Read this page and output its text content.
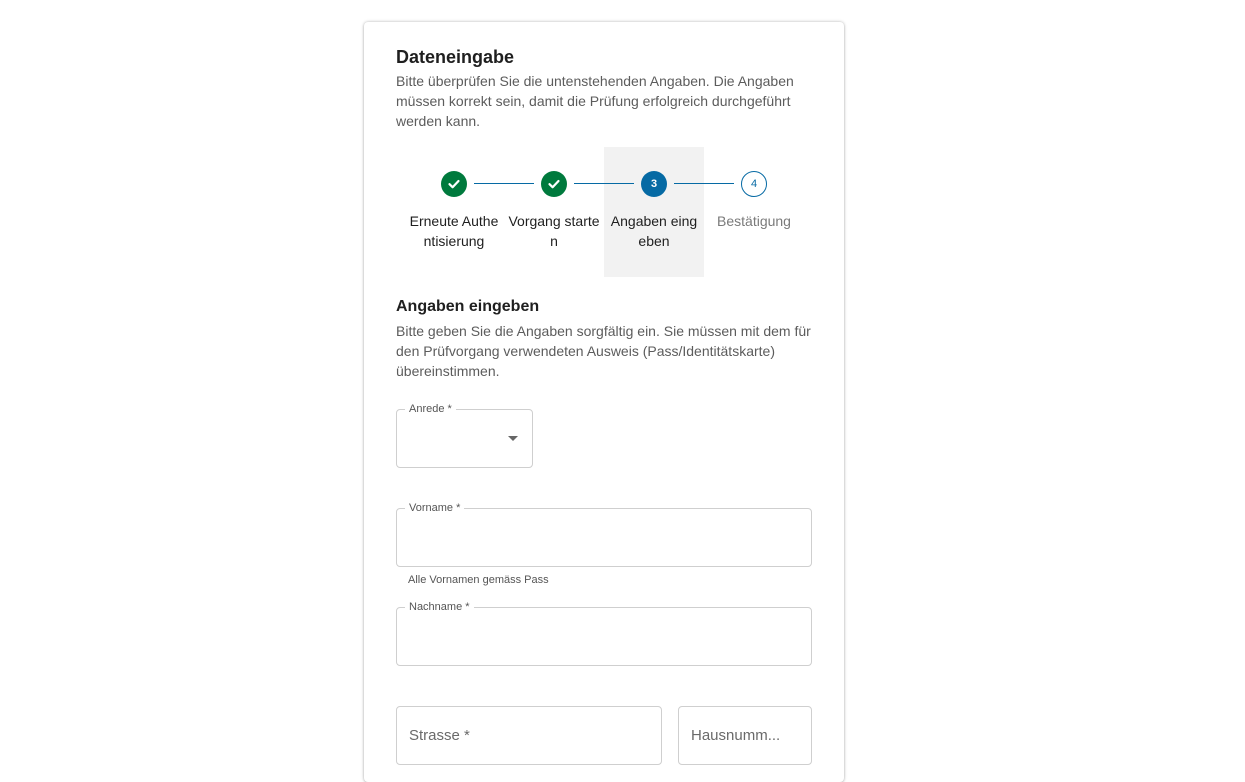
Dateneingabe

Bitte überprüfen Sie die untenstehenden Angaben. Die Angaben müssen korrekt sein, damit die Prüfung erfolgreich durchgeführt werden kann.

Erneute Authentisierung
Vorgang starten
3
Angaben eingeben
4
Bestätigung
Angaben eingeben

Bitte geben Sie die Angaben sorgfältig ein. Sie müssen mit dem für den Prüfvorgang verwendeten Ausweis (Pass/Identitätskarte) übereinstimmen.

Anrede *
Vorname *
Alle Vornamen gemäss Pass
Nachname *
Strasse *
Hausnumm...
